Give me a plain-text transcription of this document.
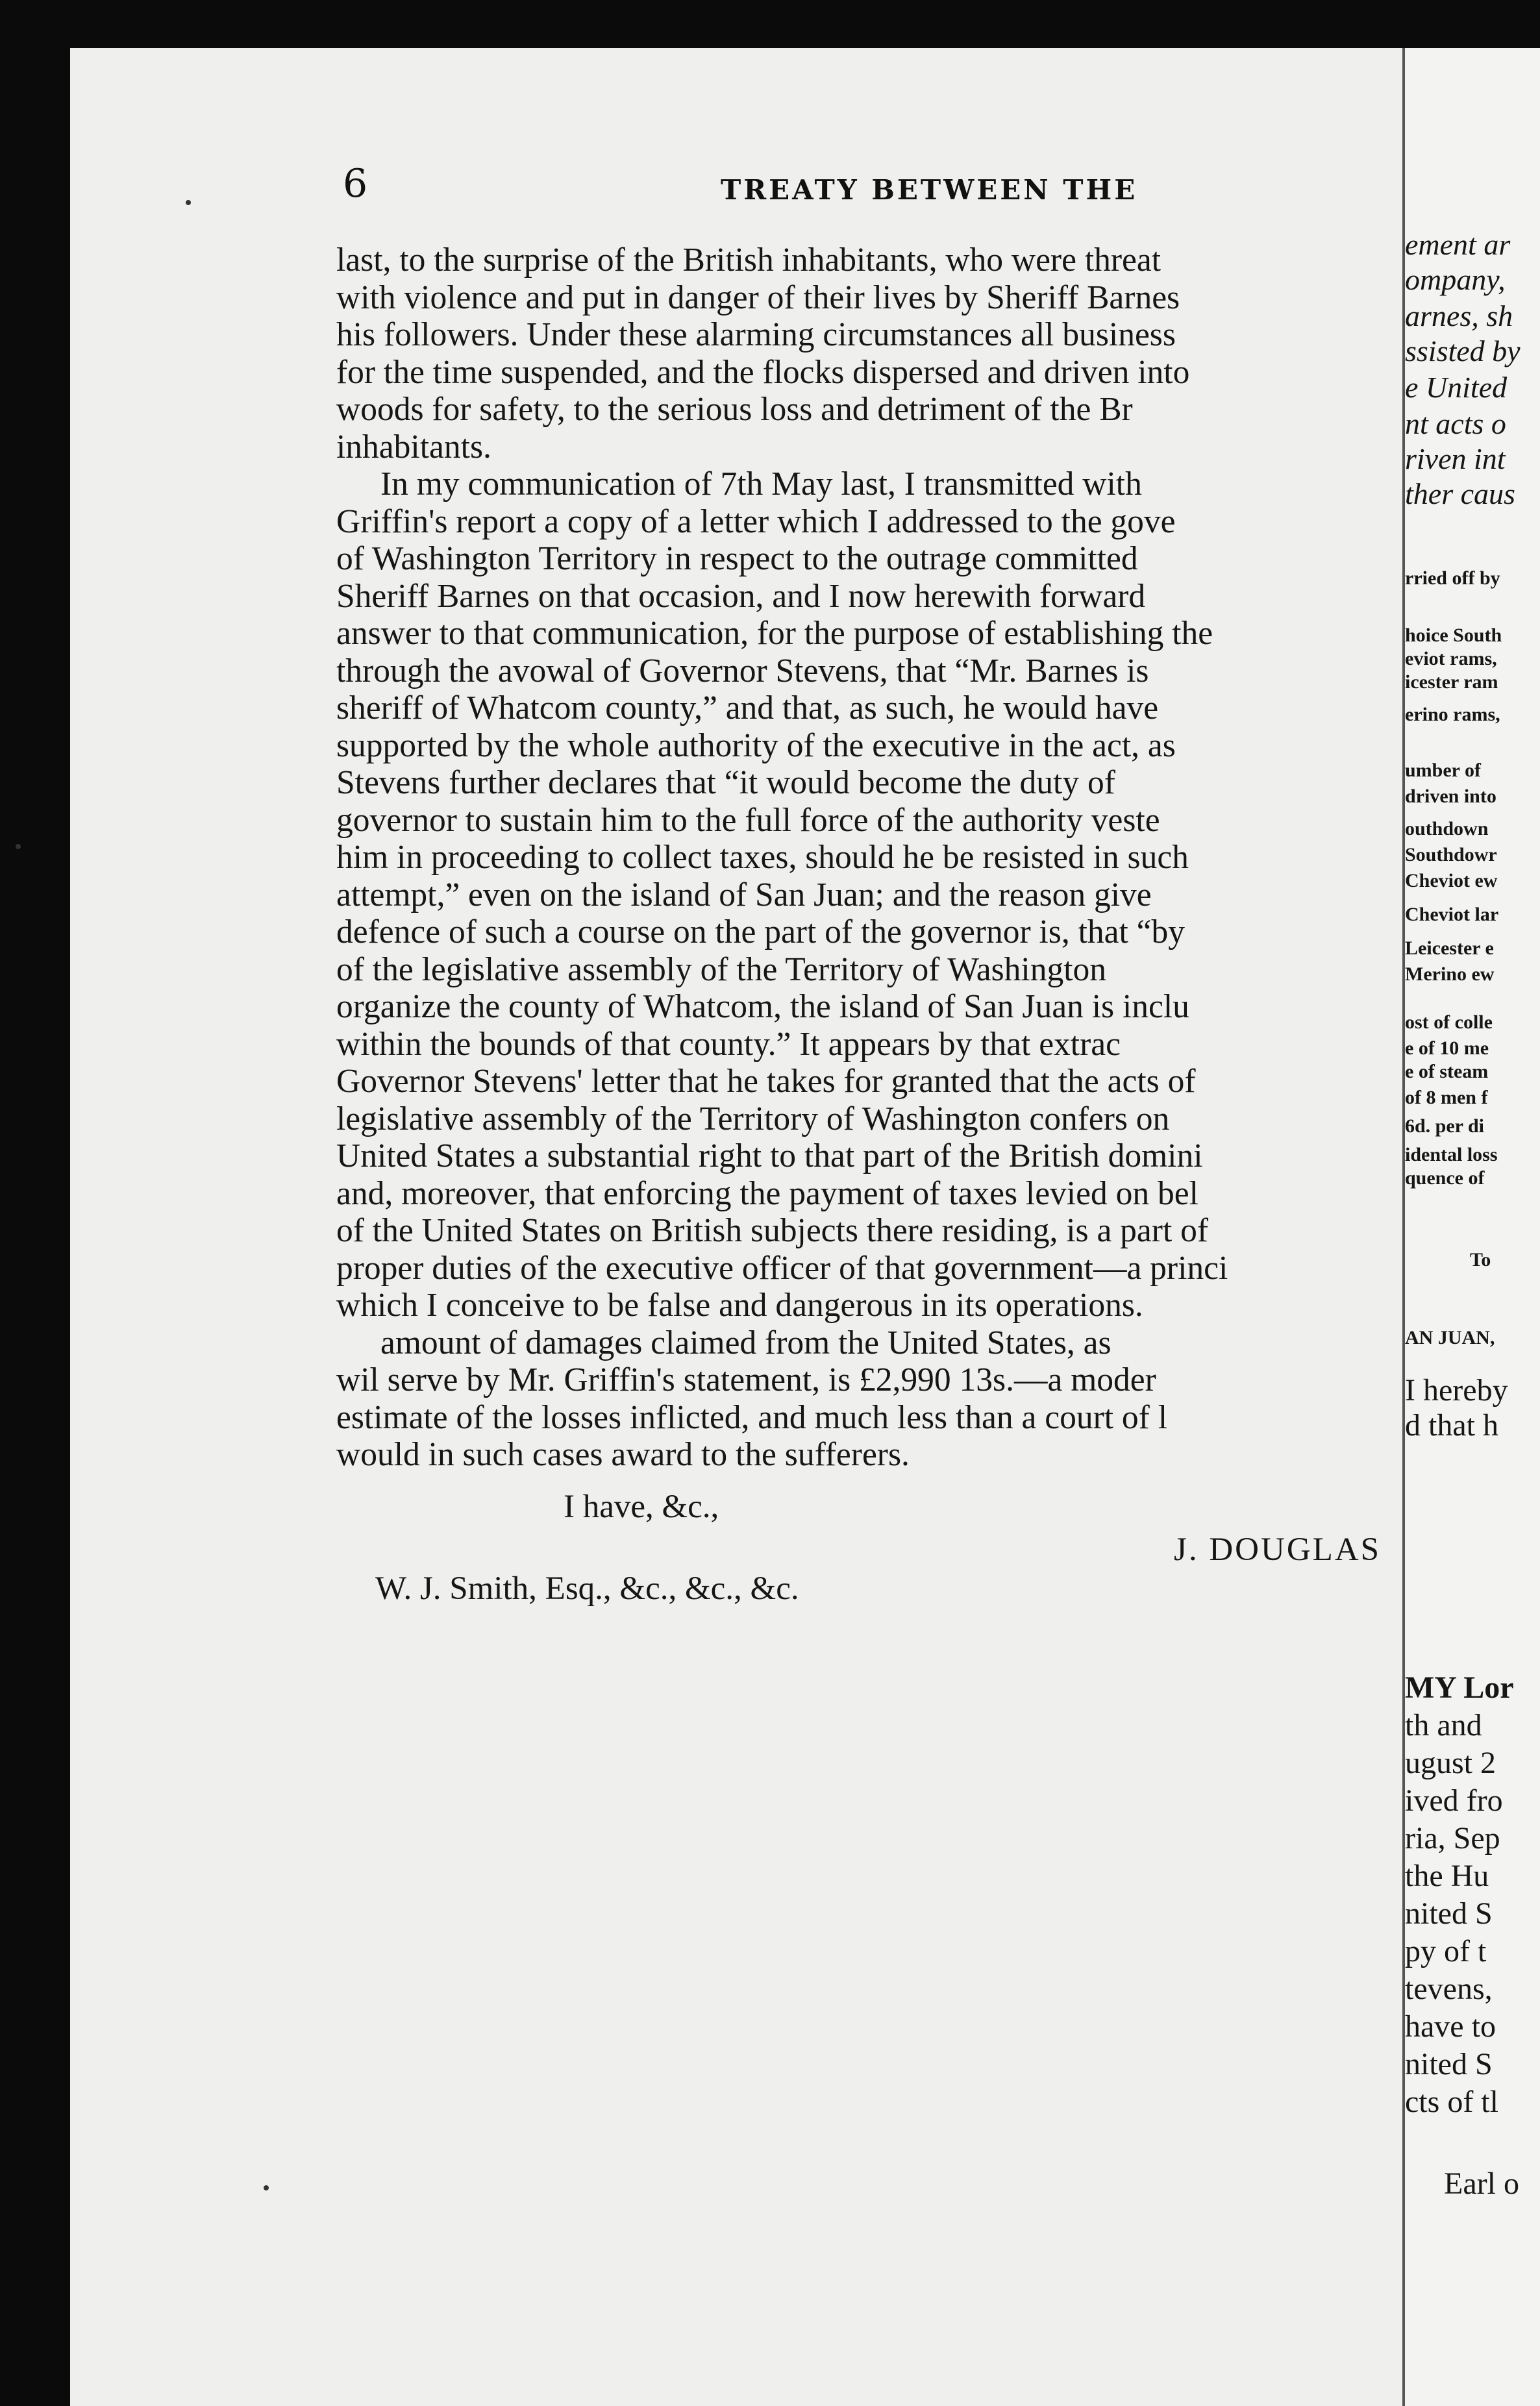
6	TREATY BETWEEN THE
last, to the surprise of the British inhabitants, who were threat
with violence and put in danger of their lives by Sheriff Barnes
his followers. Under these alarming circumstances all business
for the time suspended, and the flocks dispersed and driven into
woods for safety, to the serious loss and detriment of the Br
inhabitants.
In my communication of 7th May last, I transmitted with
Griffin's report a copy of a letter which I addressed to the gove
of Washington Territory in respect to the outrage committed
Sheriff Barnes on that occasion, and I now herewith forward
answer to that communication, for the purpose of establishing the
through the avowal of Governor Stevens, that “Mr. Barnes is
sheriff of Whatcom county,” and that, as such, he would have
supported by the whole authority of the executive in the act, as
Stevens further declares that “it would become the duty of
governor to sustain him to the full force of the authority veste
him in proceeding to collect taxes, should he be resisted in such
attempt,” even on the island of San Juan; and the reason give
defence of such a course on the part of the governor is, that “by
of the legislative assembly of the Territory of Washington
organize the county of Whatcom, the island of San Juan is inclu
within the bounds of that county.” It appears by that extrac
Governor Stevens' letter that he takes for granted that the acts of
legislative assembly of the Territory of Washington confers on
United States a substantial right to that part of the British domini
and, moreover, that enforcing the payment of taxes levied on bel
of the United States on British subjects there residing, is a part of
proper duties of the executive officer of that government—a princi
which I conceive to be false and dangerous in its operations.
amount of damages claimed from the United States, as
wil serve by Mr. Griffin's statement, is £2,990 13s.—a moder
estimate of the losses inflicted, and much less than a court of l
would in such cases award to the sufferers.
I have, &c.,
J. DOUGLAS
W. J. Smith, Esq., &c., &c., &c.
ement ar
ompany,
arnes, sh
ssisted by
e United
nt acts o
riven int
ther caus
rried off by
hoice South
eviot rams,
icester ram
erino rams,
umber of
driven into
outhdown
Southdowr
Cheviot ew
Cheviot lar
Leicester e
Merino ew
ost of colle
e of 10 me
e of steam
of 8 men f
6d. per di
idental loss
quence of
To
AN JUAN,
I hereby
d that h
MY Lor
th and
ugust 2
ived fro
ria, Sep
the Hu
nited S
py of t
tevens,
have to
nited S
cts of tl
Earl o
